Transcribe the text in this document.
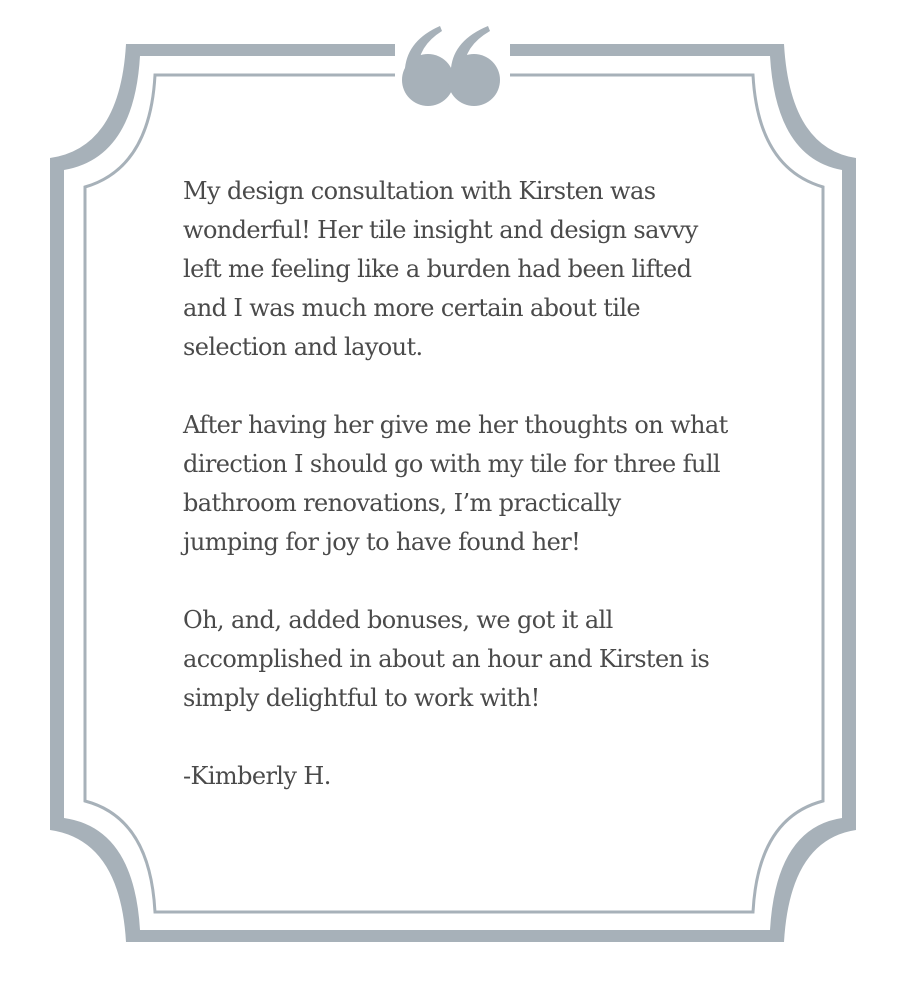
My design consultation with Kirsten was
wonderful! Her tile insight and design savvy
left me feeling like a burden had been lifted
and I was much more certain about tile
selection and layout.

After having her give me her thoughts on what
direction I should go with my tile for three full
bathroom renovations, I’m practically
jumping for joy to have found her!

Oh, and, added bonuses, we got it all
accomplished in about an hour and Kirsten is
simply delightful to work with!

-Kimberly H.
